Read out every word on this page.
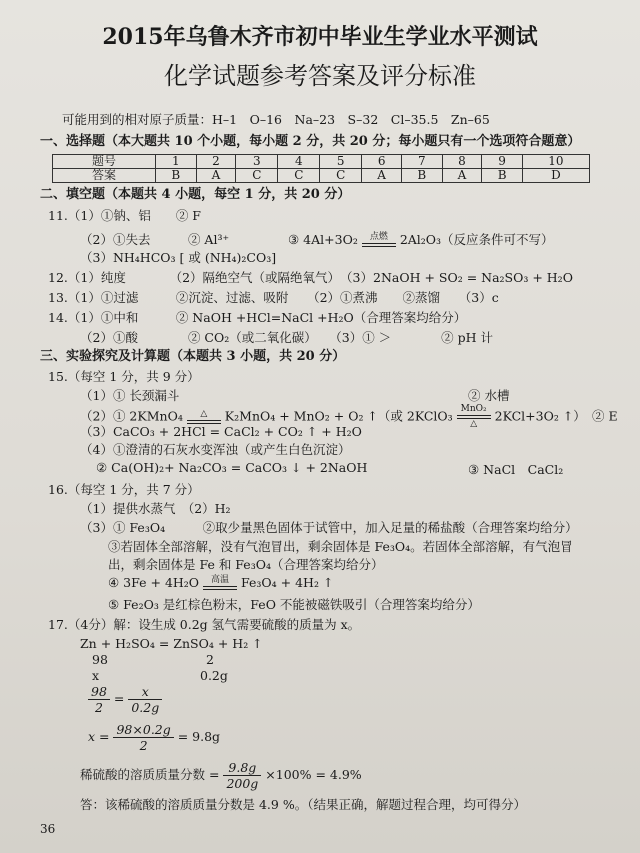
2015年乌鲁木齐市初中毕业生学业水平测试
化学试题参考答案及评分标准
可能用到的相对原子质量：H–1　O–16　Na–23　S–32　Cl–35.5　Zn–65
一、选择题（本大题共 10 个小题，每小题 2 分，共 20 分；每小题只有一个选项符合题意）
题号	1	2	3	4	5	6	7	8	9	10
答案	B	A	C	C	C	A	B	A	B	D
二、填空题（本题共 4 小题，每空 1 分，共 20 分）
11.（1）①钠、铝　　② F
（2）①失去　　　② Al³⁺	③ 4Al+3O₂ 点燃 2Al₂O₃（反应条件可不写）
（3）NH₄HCO₃ [ 或 (NH₄)₂CO₃]
12.（1）纯度　　　　（2）隔绝空气（或隔绝氧气）　（3）2NaOH + SO₂ = Na₂SO₃ + H₂O
13.（1）①过滤　　　②沉淀、过滤、吸附　　（2）①煮沸　　②蒸馏　　（3）c
14.（1）①中和　　　② NaOH +HCl=NaCl +H₂O（合理答案均给分）
（2）①酸　　　　② CO₂（或二氧化碳）　　（3）① ＞　　　　② pH 计
三、实验探究及计算题（本题共 3 小题，共 20 分）
15.（每空 1 分，共 9 分）
（1）① 长颈漏斗	② 水槽
（2）① 2KMnO₄ △ K₂MnO₄ + MnO₂ + O₂ ↑（或 2KClO₃ MnO₂
△ 2KCl+3O₂ ↑）　② E
（3）CaCO₃ + 2HCl = CaCl₂ + CO₂ ↑ + H₂O
（4）①澄清的石灰水变浑浊（或产生白色沉淀）
② Ca(OH)₂+ Na₂CO₃ = CaCO₃ ↓ + 2NaOH	③ NaCl　CaCl₂
16.（每空 1 分，共 7 分）
（1）提供水蒸气　（2）H₂
（3）① Fe₃O₄　　　②取少量黑色固体于试管中，加入足量的稀盐酸（合理答案均给分）
③若固体全部溶解，没有气泡冒出，剩余固体是 Fe₃O₄。若固体全部溶解，有气泡冒
出，剩余固体是 Fe 和 Fe₃O₄（合理答案均给分）
④ 3Fe + 4H₂O 高温 Fe₃O₄ + 4H₂ ↑
⑤ Fe₂O₃ 是红棕色粉末，FeO 不能被磁铁吸引（合理答案均给分）
17.（4分）解：设生成 0.2g 氢气需要硫酸的质量为 x。
Zn + H₂SO₄ = ZnSO₄ + H₂ ↑
98	2
x	0.2g
$\frac{98}{2} = \frac{x}{0.2g}$
$x = \frac{98\times 0.2g}{2} = 9.8g$
稀硫酸的溶质质量分数 = $\frac{9.8g}{200g} \times 100\% = 4.9\%$
答：该稀硫酸的溶质质量分数是 4.9 %。（结果正确，解题过程合理，均可得分）
36
